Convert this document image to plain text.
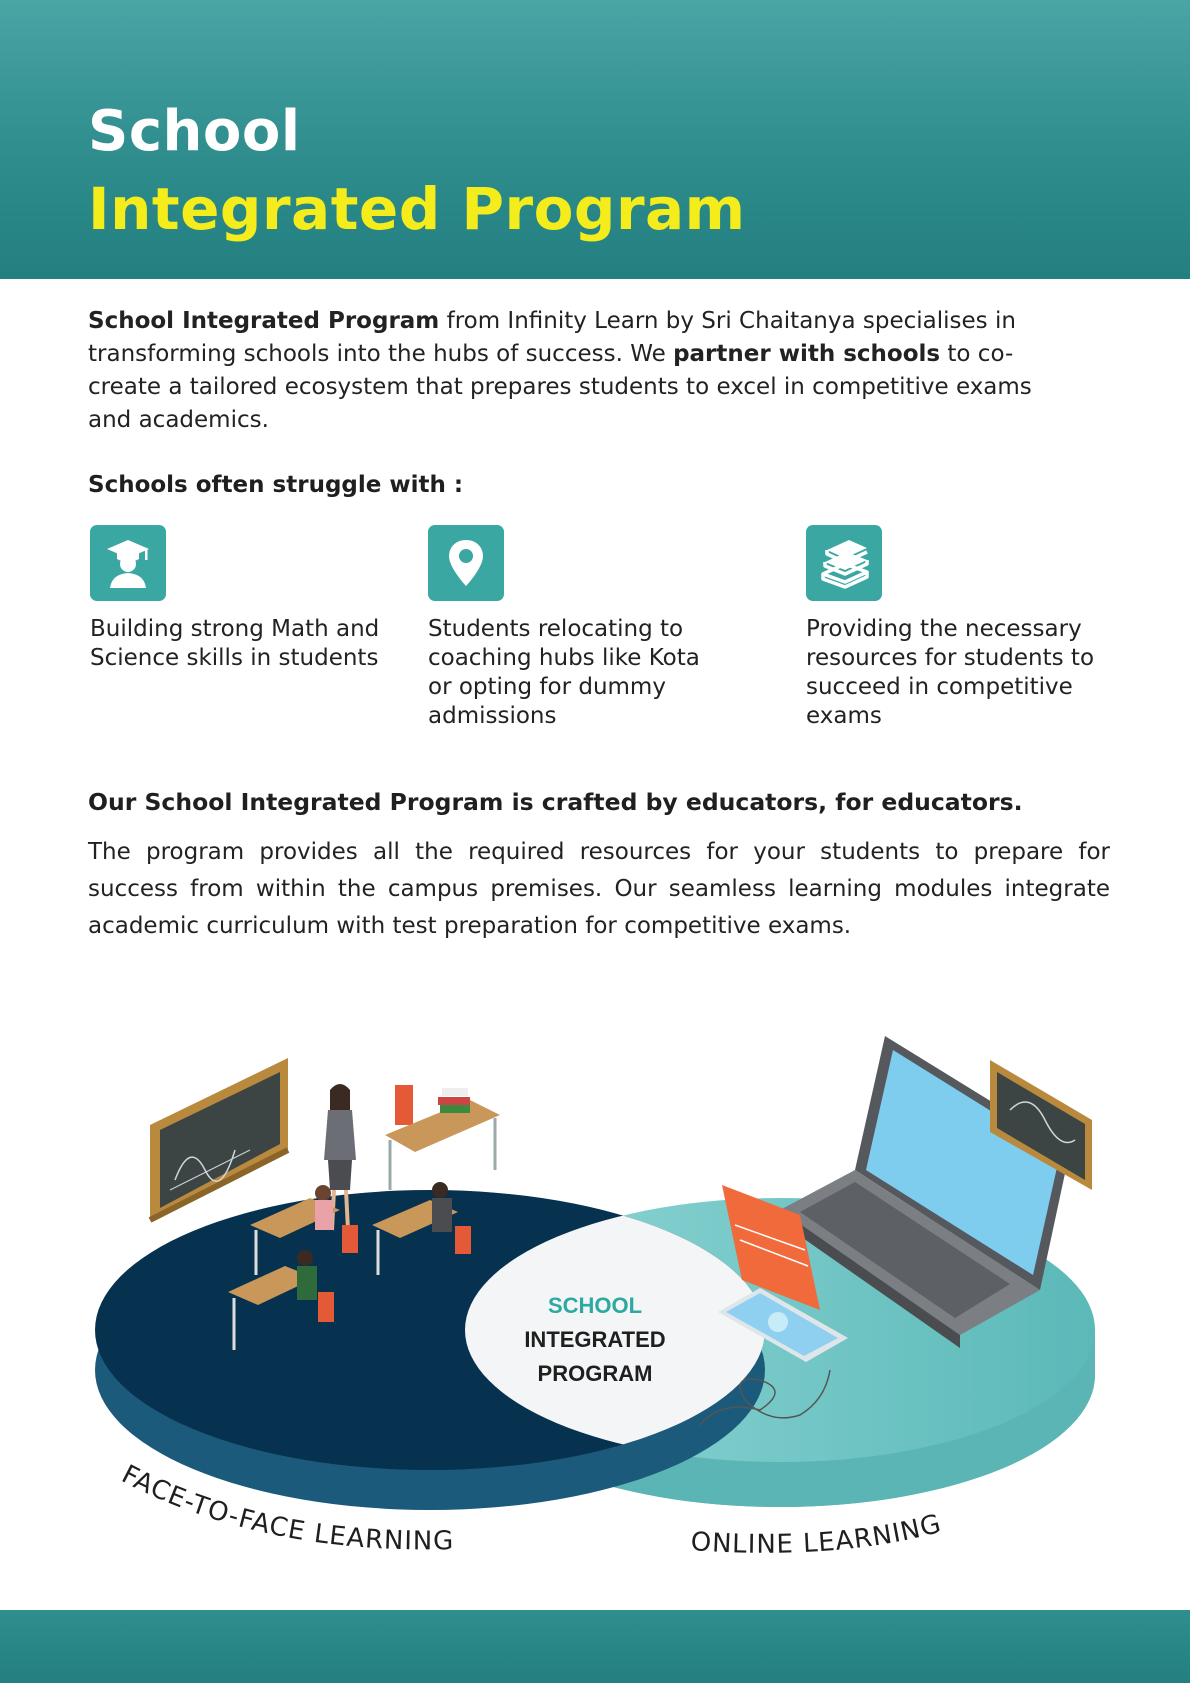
School
Integrated Program
School Integrated Program from Infinity Learn by Sri Chaitanya specialises in transforming schools into the hubs of success. We partner with schools to co-create a tailored ecosystem that prepares students to excel in competitive exams and academics.
Schools often struggle with :
Building strong Math and Science skills in students
Students relocating to coaching hubs like Kota or opting for dummy admissions
Providing the necessary resources for students to succeed in competitive exams
Our School Integrated Program is crafted by educators, for educators.
The program provides all the required resources for your students to prepare for success from within the campus premises. Our seamless learning modules integrate academic curriculum with test preparation for competitive exams.
SCHOOL
INTEGRATED
PROGRAM
FACE-TO-FACE LEARNING	ONLINE LEARNING
